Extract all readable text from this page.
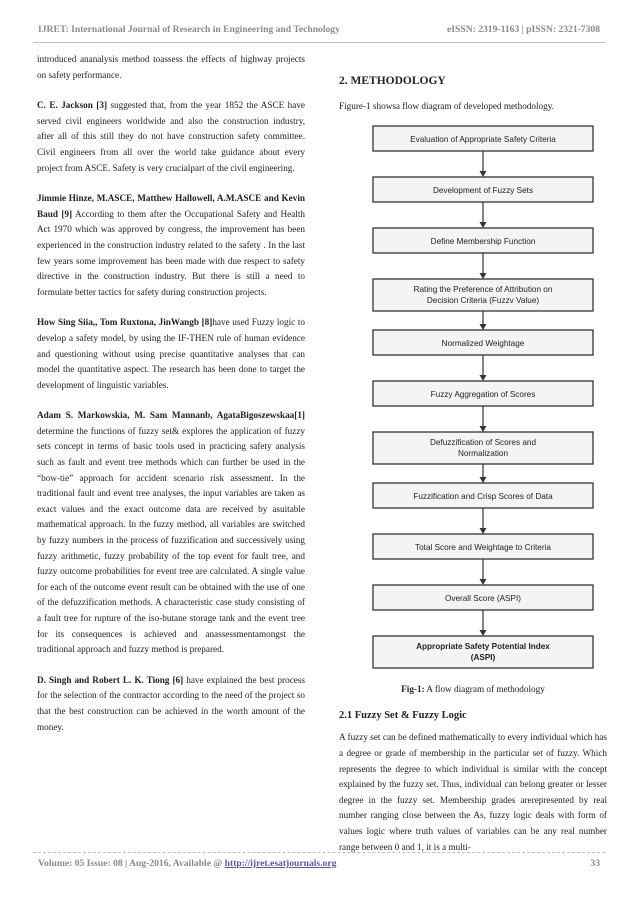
IJRET: International Journal of Research in Engineering and Technology	eISSN: 2319-1163 | pISSN: 2321-7308

introduced ananalysis method toassess the effects of highway projects on safety performance.

C. E. Jackson [3] suggested that, from the year 1852 the ASCE have served civil engineers worldwide and also the construction industry, after all of this still they do not have construction safety committee. Civil engineers from all over the world take guidance about every project from ASCE. Safety is very crucialpart of the civil engineering.

Jimmie Hinze, M.ASCE, Matthew Hallowell, A.M.ASCE and Kevin Baud [9] According to them after the Occupational Safety and Health Act 1970 which was approved by congress, the improvement has been experienced in the construction industry related to the safety . In the last few years some improvement has been made with due respect to safety directive in the construction industry. But there is still a need to formulate better tactics for safety during construction projects.

How Sing Siia,, Tom Ruxtona, JinWangb [8]have used Fuzzy logic to develop a safety model, by using the IF-THEN rule of human evidence and questioning without using precise quantitative analyses that can model the quantitative aspect. The research has been done to target the development of linguistic variables.

Adam S. Markowskia, M. Sam Mannanb, AgataBigoszewskaa[1] determine the functions of fuzzy set& explores the application of fuzzy sets concept in terms of basic tools used in practicing safety analysis such as fault and event tree methods which can further be used in the “bow-tie” approach for accident scenario risk assessment. In the traditional fault and event tree analyses, the input variables are taken as exact values and the exact outcome data are received by asuitable mathematical approach. In the fuzzy method, all variables are switched by fuzzy numbers in the process of fuzzification and successively using fuzzy arithmetic, fuzzy probability of the top event for fault tree, and fuzzy outcome probabilities for event tree are calculated. A single value for each of the outcome event result can be obtained with the use of one of the defuzzification methods. A characteristic case study consisting of a fault tree for rupture of the iso-butane storage tank and the event tree for its consequences is achieved and anassessmentamongst the traditional approach and fuzzy method is prepared.

D. Singh and Robert L. K. Tiong [6] have explained the best process for the selection of the contractor according to the need of the project so that the best construction can be achieved in the worth amount of the money.

2. METHODOLOGY

Figure-1 showsa flow diagram of developed methodology.

Evaluation of Appropriate Safety Criteria
Development of Fuzzy Sets
Define Membership Function
Rating the Preference of Attribution on
Decision Criteria (Fuzzv Value)
Normalized Weightage
Fuzzy Aggregation of Scores
Defuzzification of Scores and
Normalization
Fuzzification and Crisp Scores of Data
Total Score and Weightage to Criteria
Overall Score (ASPI)
Appropriate Safety Potential Index
(ASPI)
Fig-1: A flow diagram of methodology
2.1 Fuzzy Set & Fuzzy Logic

A fuzzy set can be defined mathematically to every individual which has a degree or grade of membership in the particular set of fuzzy. Which represents the degree to which individual is similar with the concept explained by the fuzzy set. Thus, individual can belong greater or lesser degree in the fuzzy set. Membership grades arerepresented by real number ranging close between the As, fuzzy logic deals with form of values logic where truth values of variables can be any real number range between 0 and 1, it is a multi-

Volume: 05 Issue: 08 | Aug-2016, Available @ http://ijret.esatjournals.org	33
